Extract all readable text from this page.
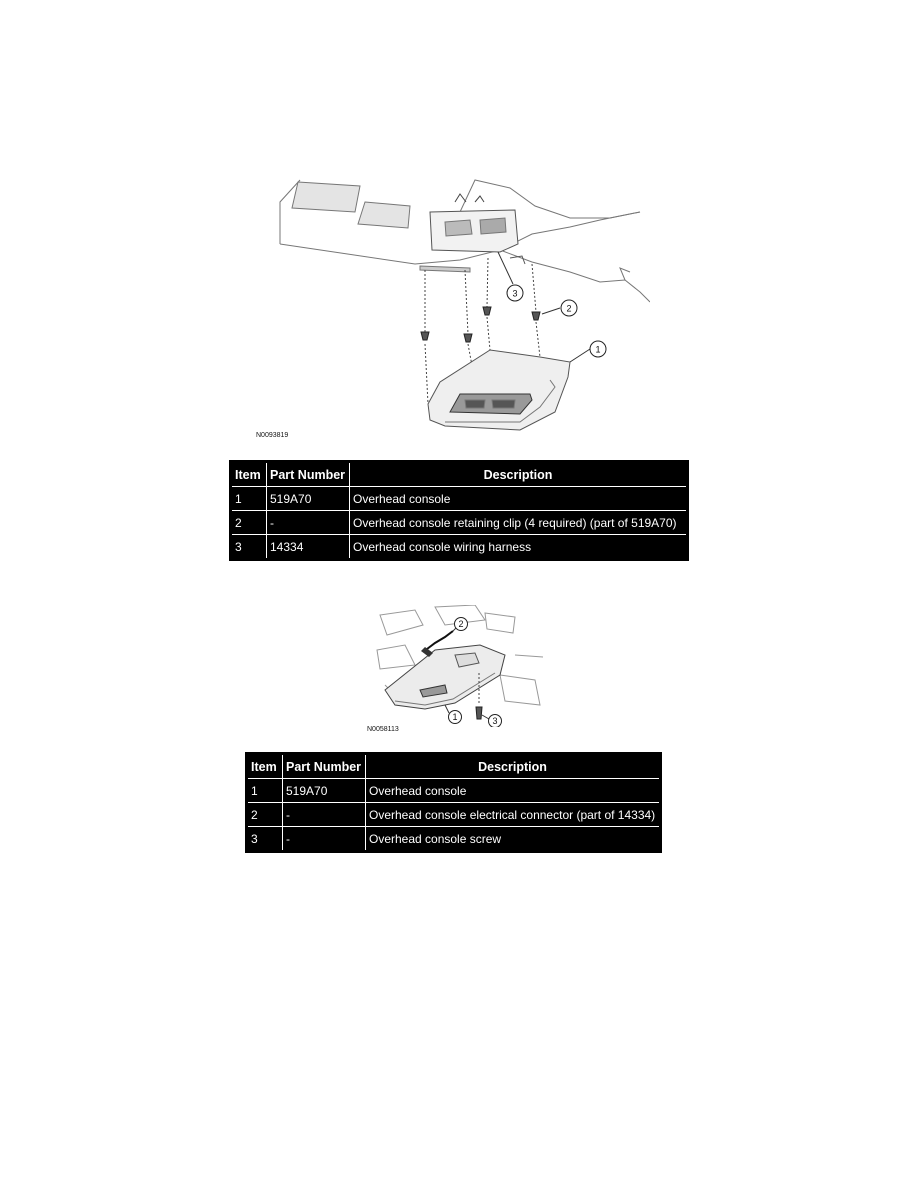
3
2
1
N0093819
Item	Part Number	Description
1	519A70	Overhead console
2	-	Overhead console retaining clip (4 required) (part of 519A70)
3	14334	Overhead console wiring harness
2
1	3
N0058113
Item	Part Number	Description
1	519A70	Overhead console
2	-	Overhead console electrical connector (part of 14334)
3	-	Overhead console screw
